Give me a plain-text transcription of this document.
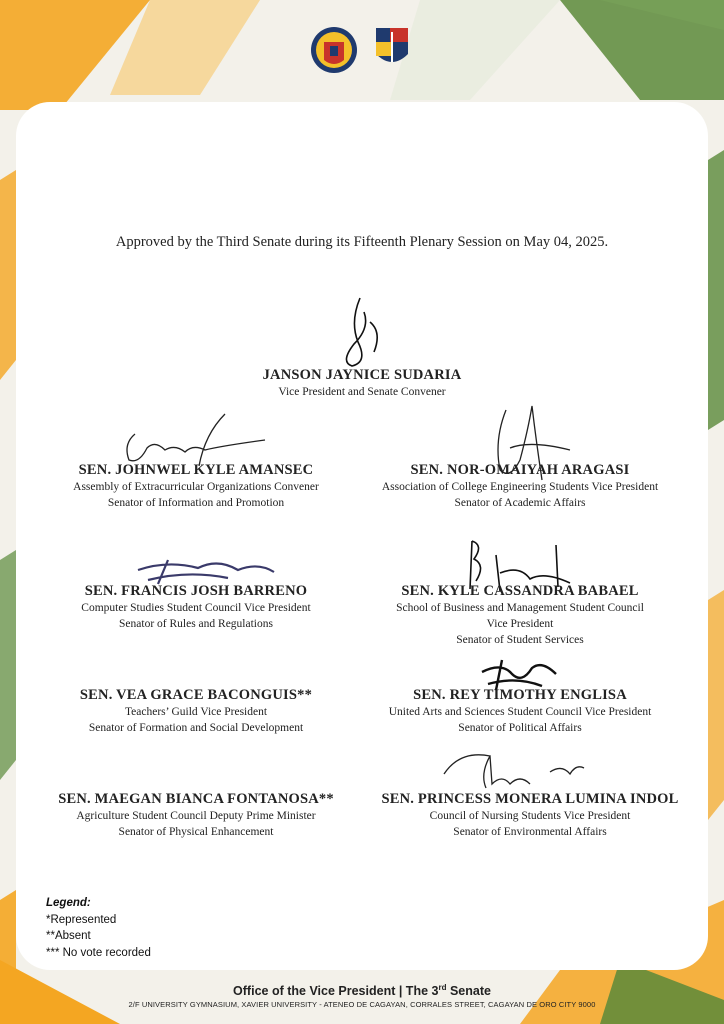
Approved by the Third Senate during its Fifteenth Plenary Session on May 04, 2025.
JANSON JAYNICE SUDARIA
Vice President and Senate Convener
SEN. JOHNWEL KYLE AMANSEC
Assembly of Extracurricular Organizations Convener
Senator of Information and Promotion
SEN. FRANCIS JOSH BARRENO
Computer Studies Student Council Vice President
Senator of Rules and Regulations
SEN. VEA GRACE BACONGUIS**
Teachers’ Guild Vice President
Senator of Formation and Social Development
SEN. MAEGAN BIANCA FONTANOSA**
Agriculture Student Council Deputy Prime Minister
Senator of Physical Enhancement
SEN. NOR-OMAIYAH ARAGASI
Association of College Engineering Students Vice President
Senator of Academic Affairs
SEN. KYLE CASSANDRA BABAEL
School of Business and Management Student Council
Vice President
Senator of Student Services
SEN. REY TIMOTHY ENGLISA
United Arts and Sciences Student Council Vice President
Senator of Political Affairs
SEN. PRINCESS MONERA LUMINA INDOL
Council of Nursing Students Vice President
Senator of Environmental Affairs
Legend:
*Represented
**Absent
*** No vote recorded
Office of the Vice President | The 3rd Senate
2/F UNIVERSITY GYMNASIUM, XAVIER UNIVERSITY - ATENEO DE CAGAYAN, CORRALES STREET, CAGAYAN DE ORO CITY 9000
